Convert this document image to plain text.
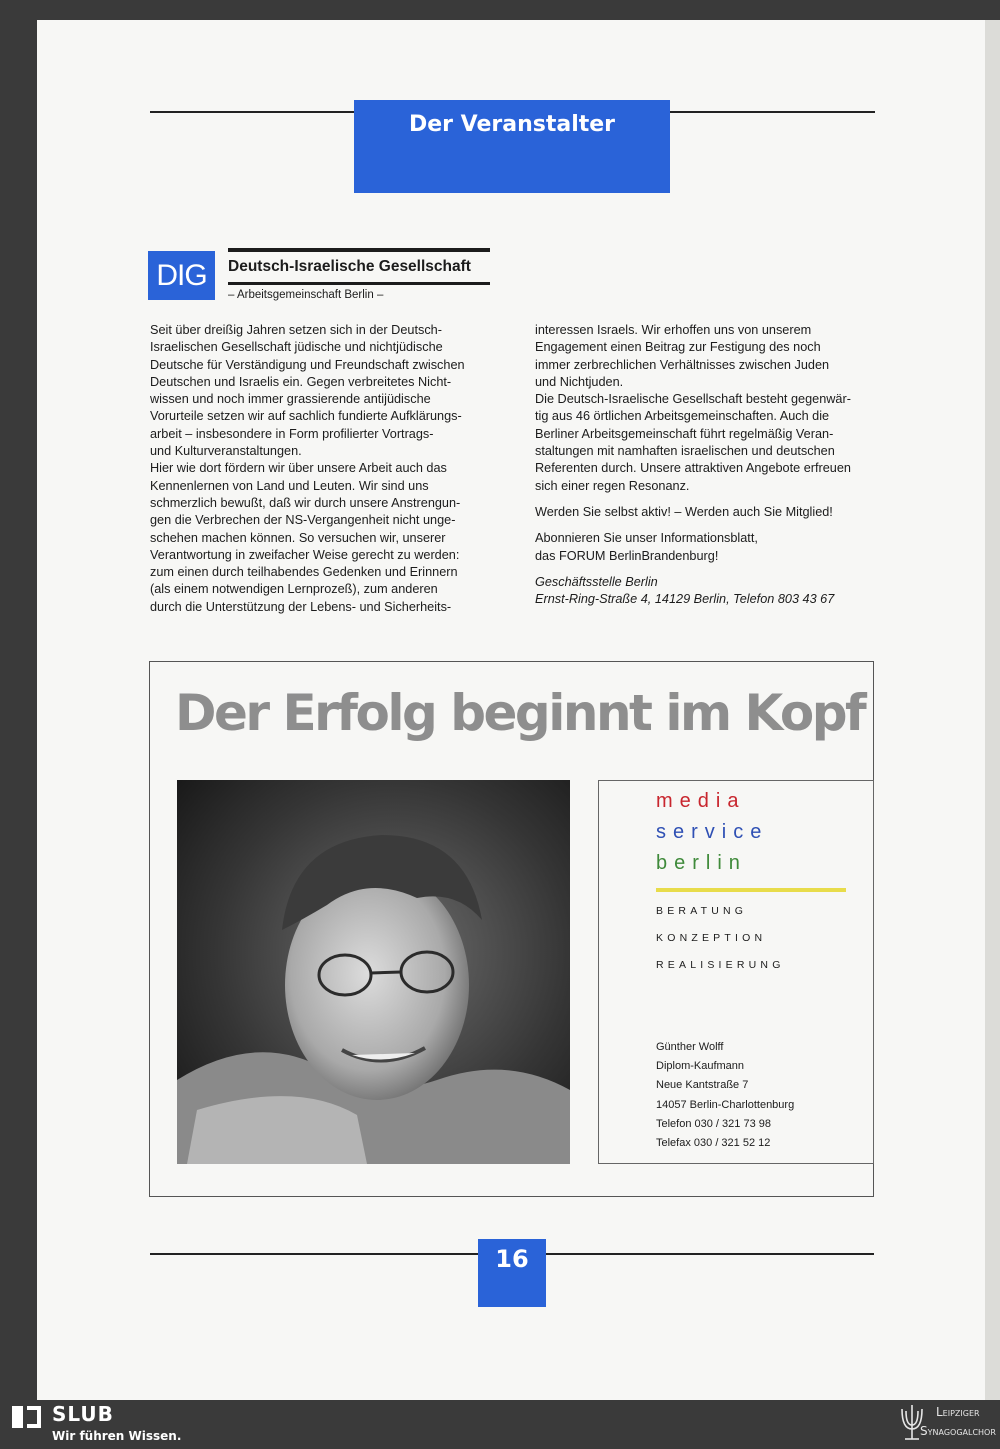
Der Veranstalter
DIG	Deutsch-Israelische Gesellschaft
– Arbeitsgemeinschaft Berlin –

Seit über dreißig Jahren setzen sich in der Deutsch-

Israelischen Gesellschaft jüdische und nichtjüdische

Deutsche für Verständigung und Freundschaft zwischen

Deutschen und Israelis ein. Gegen verbreitetes Nicht-

wissen und noch immer grassierende antijüdische

Vorurteile setzen wir auf sachlich fundierte Aufklärungs-

arbeit – insbesondere in Form profilierter Vortrags-

und Kulturveranstaltungen.

Hier wie dort fördern wir über unsere Arbeit auch das

Kennenlernen von Land und Leuten. Wir sind uns

schmerzlich bewußt, daß wir durch unsere Anstrengun-

gen die Verbrechen der NS-Vergangenheit nicht unge-

schehen machen können. So versuchen wir, unserer

Verantwortung in zweifacher Weise gerecht zu werden:

zum einen durch teilhabendes Gedenken und Erinnern

(als einem notwendigen Lernprozeß), zum anderen

durch die Unterstützung der Lebens- und Sicherheits-

interessen Israels. Wir erhoffen uns von unserem

Engagement einen Beitrag zur Festigung des noch

immer zerbrechlichen Verhältnisses zwischen Juden

und Nichtjuden.

Die Deutsch-Israelische Gesellschaft besteht gegenwär-

tig aus 46 örtlichen Arbeitsgemeinschaften. Auch die

Berliner Arbeitsgemeinschaft führt regelmäßig Veran-

staltungen mit namhaften israelischen und deutschen

Referenten durch. Unsere attraktiven Angebote erfreuen

sich einer regen Resonanz.

Werden Sie selbst aktiv! – Werden auch Sie Mitglied!

Abonnieren Sie unser Informationsblatt,

das FORUM BerlinBrandenburg!

Geschäftsstelle Berlin

Ernst-Ring-Straße 4, 14129 Berlin, Telefon 803 43 67

Der Erfolg beginnt im Kopf
media
service
berlin
BERATUNG
KONZEPTION
REALISIERUNG
Günther Wolff
Diplom-Kaufmann
Neue Kantstraße 7
14057 Berlin-Charlottenburg
Telefon 030 / 321 73 98
Telefax 030 / 321 52 12
16
SLUB
Wir führen Wissen.
Leipziger
Synagogalchor
